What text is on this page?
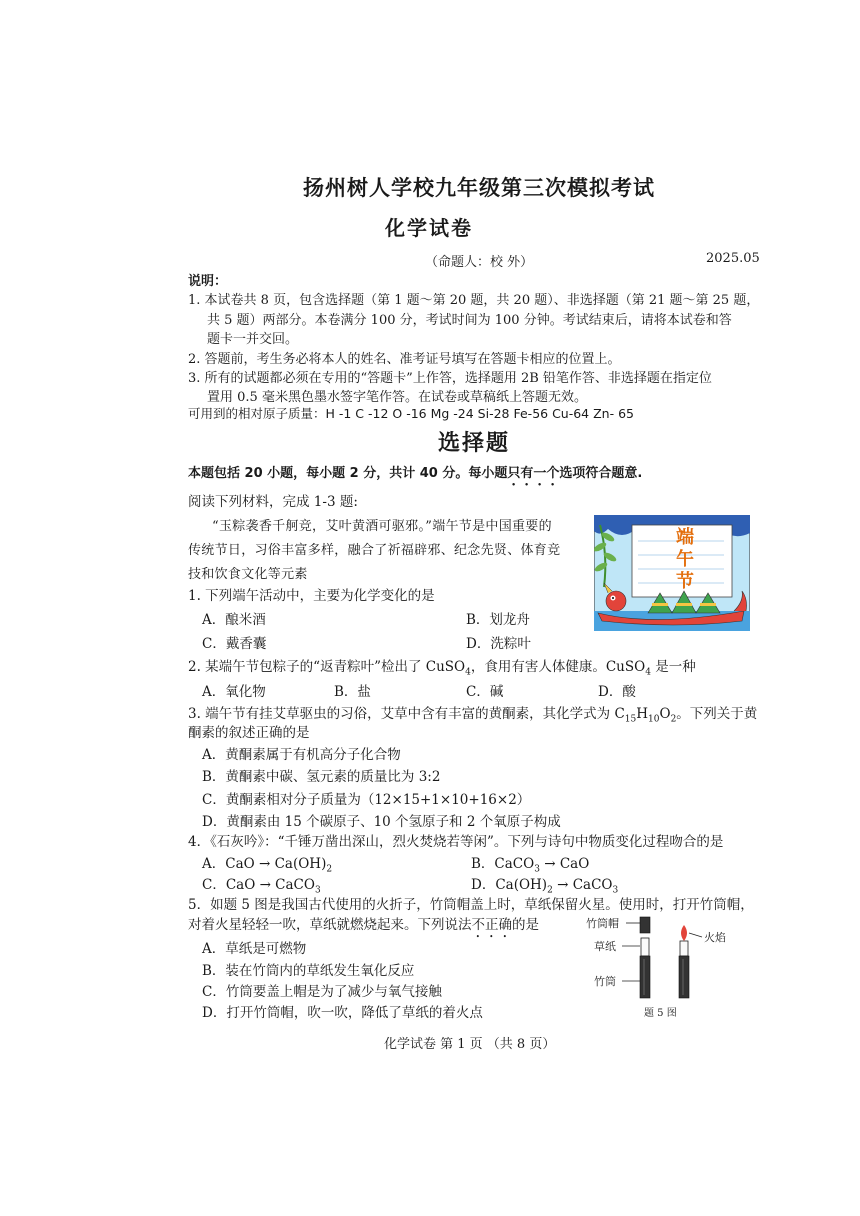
扬州树人学校九年级第三次模拟考试
化学试卷
（命题人：校 外）	2025.05
说明：
1. 本试卷共 8 页，包含选择题（第 1 题～第 20 题，共 20 题）、非选择题（第 21 题～第 25 题，
共 5 题）两部分。本卷满分 100 分，考试时间为 100 分钟。考试结束后，请将本试卷和答
题卡一并交回。
2. 答题前，考生务必将本人的姓名、准考证号填写在答题卡相应的位置上。
3. 所有的试题都必须在专用的“答题卡”上作答，选择题用 2B 铅笔作答、非选择题在指定位
置用 0.5 毫米黑色墨水签字笔作答。在试卷或草稿纸上答题无效。
可用到的相对原子质量：H -1 C -12 O -16 Mg -24 Si-28 Fe-56 Cu-64 Zn- 65
选择题
本题包括 20 小题，每小题 2 分，共计 40 分。每小题只有一个选项符合题意.
阅读下列材料，完成 1-3 题:
“玉粽袭香千舸竞，艾叶黄酒可驱邪。”端午节是中国重要的
传统节日，习俗丰富多样，融合了祈福辟邪、纪念先贤、体育竞
技和饮食文化等元素
端
午
节
1. 下列端午活动中，主要为化学变化的是
A．酿米酒	B．划龙舟
C．戴香囊	D．洗粽叶
2. 某端午节包粽子的“返青粽叶”检出了 CuSO$_4$，食用有害人体健康。CuSO$_4$ 是一种
A．氧化物	B．盐	C．碱	D．酸
3. 端午节有挂艾草驱虫的习俗，艾草中含有丰富的黄酮素，其化学式为 $C_{15}H_{10}O_2$。下列关于黄
酮素的叙述正确的是
A．黄酮素属于有机高分子化合物
B．黄酮素中碳、氢元素的质量比为 3:2
C．黄酮素相对分子质量为（12×15+1×10+16×2）
D．黄酮素由 15 个碳原子、10 个氢原子和 2 个氧原子构成
4．《石灰吟》：“千锤万凿出深山，烈火焚烧若等闲”。下列与诗句中物质变化过程吻合的是
A．CaO → $Ca(OH)_2$	B．CaCO$_3$ → CaO
C．CaO → CaCO$_3$	D．$Ca(OH)_2$ → CaCO$_3$
5．如题 5 图是我国古代使用的火折子，竹筒帽盖上时，草纸保留火星。使用时，打开竹筒帽，
对着火星轻轻一吹，草纸就燃烧起来。下列说法不正确的是
A．草纸是可燃物
B．装在竹筒内的草纸发生氧化反应
C．竹筒要盖上帽是为了减少与氧气接触
D．打开竹筒帽，吹一吹，降低了草纸的着火点
竹筒帽
草纸
竹筒
火焰
题 5 图
化学试卷 第 1 页 （共 8 页）
